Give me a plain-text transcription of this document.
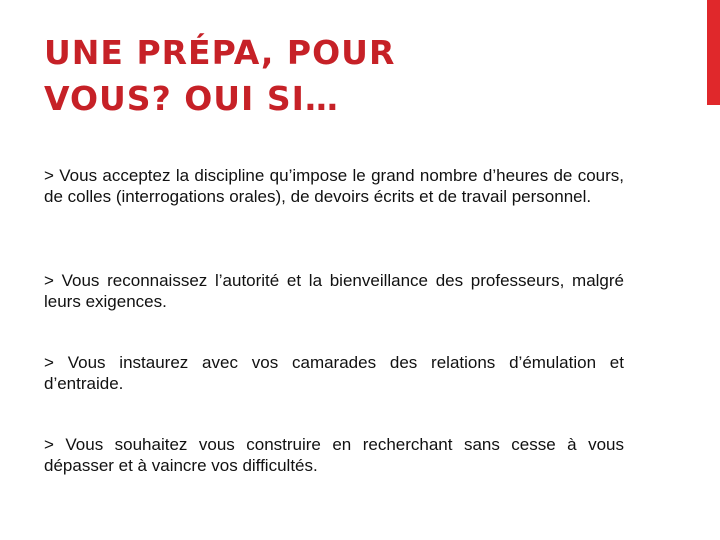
UNE PRÉPA, POUR
VOUS? OUI SI…

> Vous acceptez la discipline qu’impose le grand nombre d’heures de cours, de colles (interrogations orales), de devoirs écrits et de travail personnel.

> Vous reconnaissez l’autorité et la bienveillance des professeurs, malgré leurs exigences.

> Vous instaurez avec vos camarades des relations d’émulation et d’entraide.

> Vous souhaitez vous construire en recherchant sans cesse à vous dépasser et à vaincre vos difficultés.
